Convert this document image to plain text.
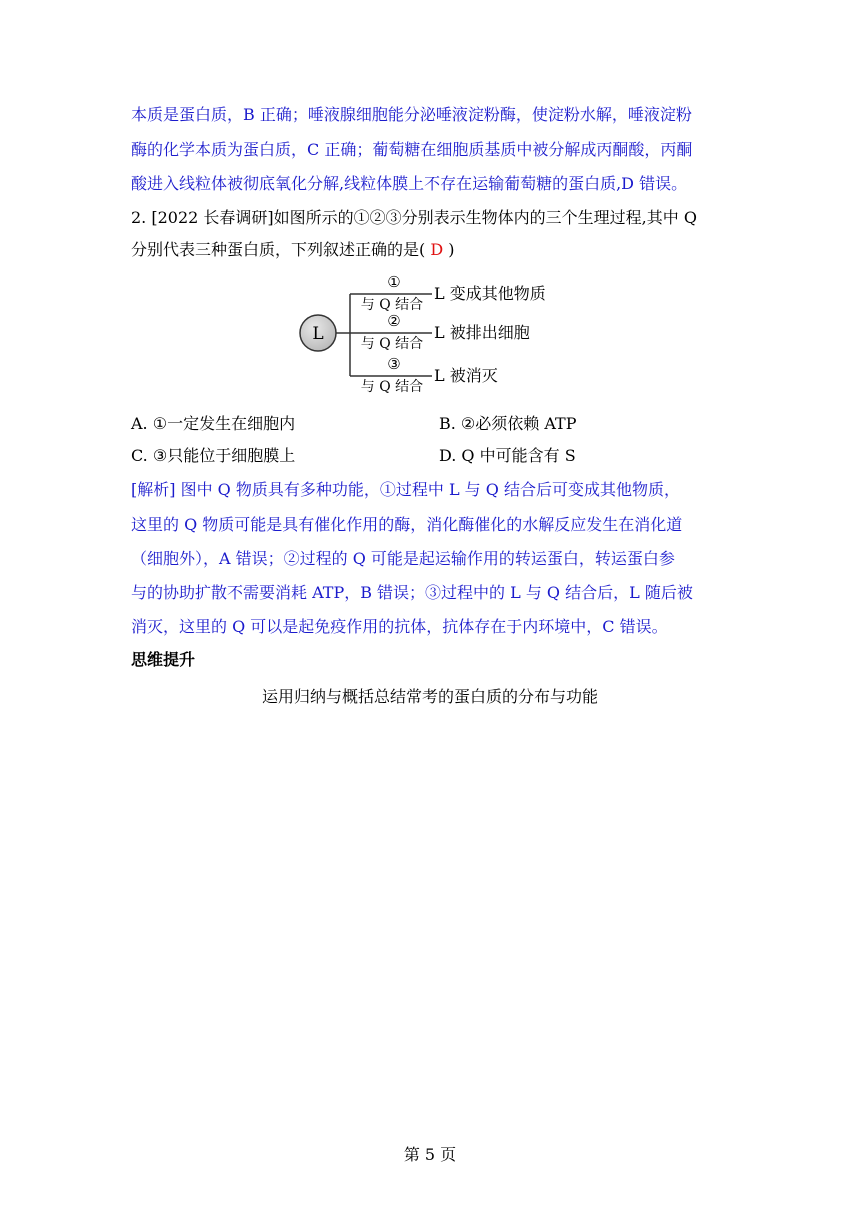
本质是蛋白质，B 正确；唾液腺细胞能分泌唾液淀粉酶，使淀粉水解，唾液淀粉
酶的化学本质为蛋白质，C 正确；葡萄糖在细胞质基质中被分解成丙酮酸，丙酮
酸进入线粒体被彻底氧化分解,线粒体膜上不存在运输葡萄糖的蛋白质,D 错误。
2. [2022 长春调研]如图所示的①②③分别表示生物体内的三个生理过程,其中 Q
分别代表三种蛋白质，下列叙述正确的是( D )
L
①
与 Q 结合
L 变成其他物质
②
与 Q 结合
L 被排出细胞
③
与 Q 结合
L 被消灭
A. ①一定发生在细胞内	B. ②必须依赖 ATP
C. ③只能位于细胞膜上	D. Q 中可能含有 S
[解析] 图中 Q 物质具有多种功能，①过程中 L 与 Q 结合后可变成其他物质，
这里的 Q 物质可能是具有催化作用的酶，消化酶催化的水解反应发生在消化道
（细胞外），A 错误；②过程的 Q 可能是起运输作用的转运蛋白，转运蛋白参
与的协助扩散不需要消耗 ATP，B 错误；③过程中的 L 与 Q 结合后，L 随后被
消灭，这里的 Q 可以是起免疫作用的抗体，抗体存在于内环境中，C 错误。
思维提升
运用归纳与概括总结常考的蛋白质的分布与功能
第 5 页
